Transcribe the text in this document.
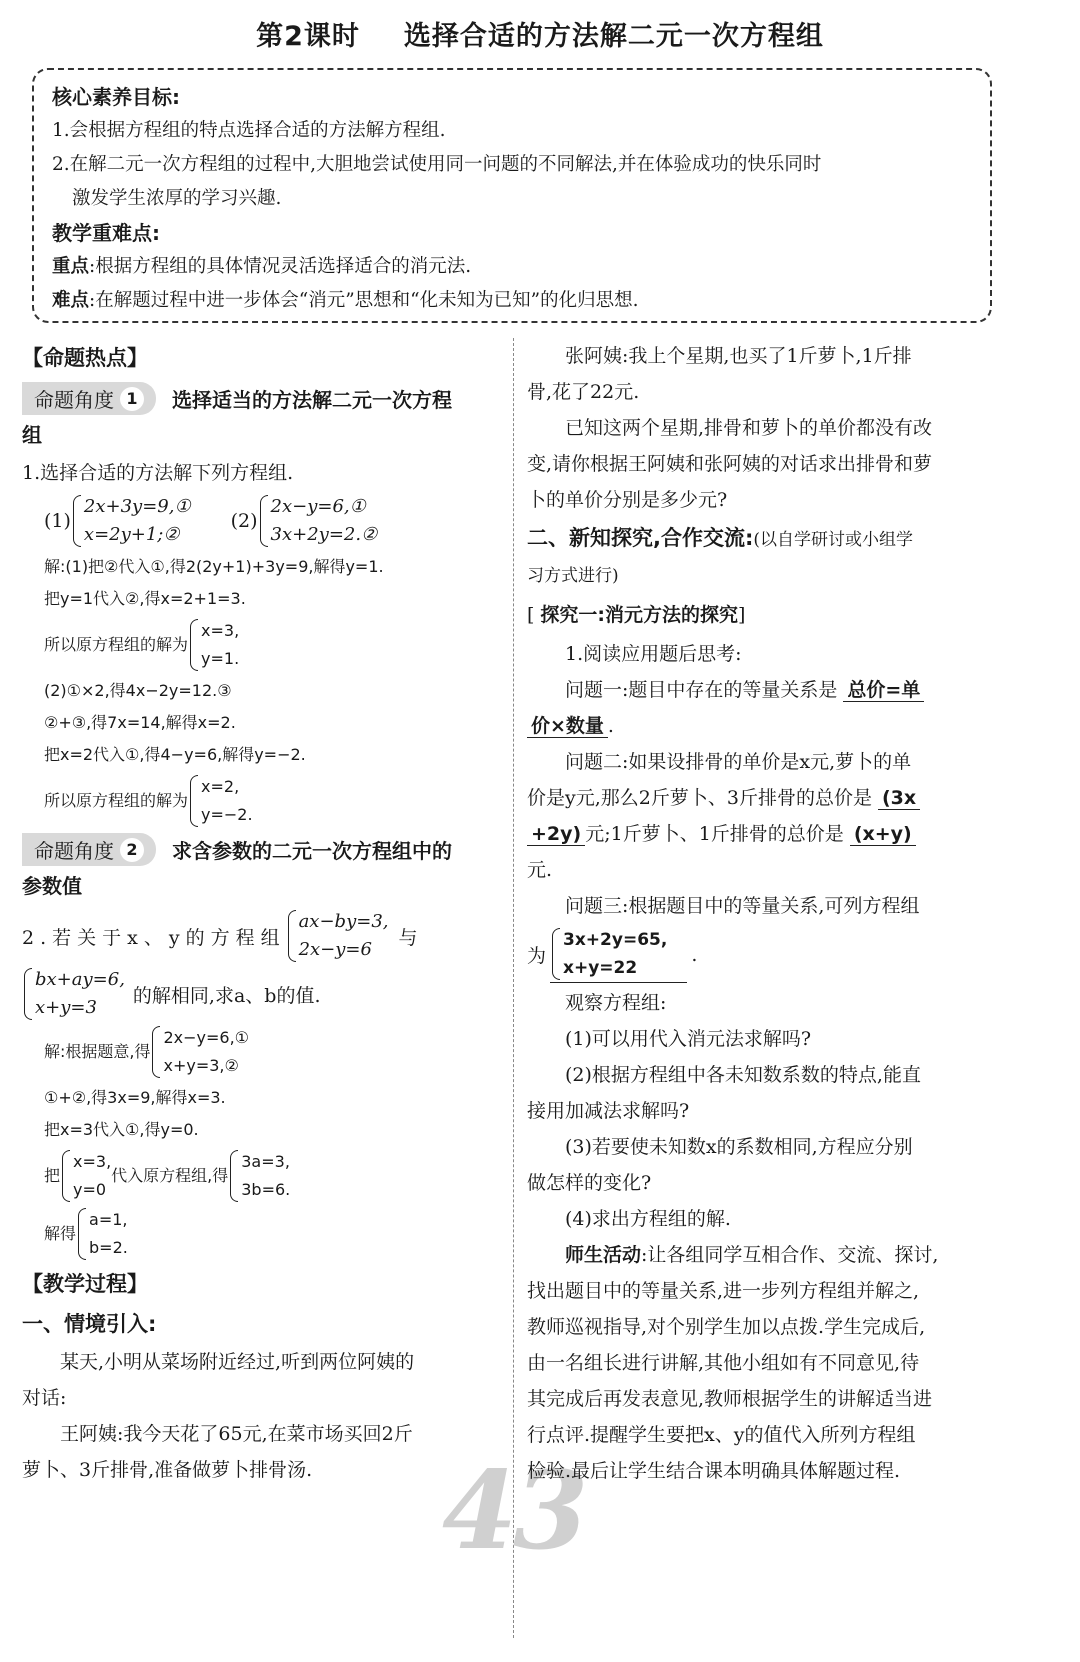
第2课时 选择合适的方法解二元一次方程组

核心素养目标:

1.会根据方程组的特点选择合适的方法解方程组.

2.在解二元一次方程组的过程中,大胆地尝试使用同一问题的不同解法,并在体验成功的快乐同时

激发学生浓厚的学习兴趣.

教学重难点:

重点:根据方程组的具体情况灵活选择适合的消元法.

难点:在解题过程中进一步体会“消元”思想和“化未知为已知”的化归思想.

【命题热点】

命题角度 1	选择适当的方法解二元一次方程

组

1.选择合适的方法解下列方程组.

(1)
2x+3y=9,①
x=2y+1;②
(2)
2x−y=6,①
3x+2y=2.②

解:(1)把②代入①,得2(2y+1)+3y=9,解得y=1.

把y=1代入②,得x=2+1=3.

所以原方程组的解为
x=3,
y=1.

(2)①×2,得4x−2y=12.③

②+③,得7x=14,解得x=2.

把x=2代入①,得4−y=6,解得y=−2.

所以原方程组的解为
x=2,
y=−2.
命题角度 2	求含参数的二元一次方程组中的

参数值

2.若关于x、y的方程组
ax−by=3,
2x−y=6
与
bx+ay=6,
x+y=3
的解相同,求a、b的值.
解:根据题意,得
2x−y=6,①
x+y=3,②

①+②,得3x=9,解得x=3.

把x=3代入①,得y=0.

把
x=3,
y=0
代入原方程组,得
3a=3,
3b=6.
解得
a=1,
b=2.

【教学过程】

一、情境引入:

某天,小明从菜场附近经过,听到两位阿姨的

对话:

王阿姨:我今天花了65元,在菜市场买回2斤

萝卜、3斤排骨,准备做萝卜排骨汤.

张阿姨:我上个星期,也买了1斤萝卜,1斤排

骨,花了22元.

已知这两个星期,排骨和萝卜的单价都没有改

变,请你根据王阿姨和张阿姨的对话求出排骨和萝

卜的单价分别是多少元?

二、新知探究,合作交流:(以自学研讨或小组学

习方式进行)

[ 探究一:消元方法的探究]

1.阅读应用题后思考:

问题一:题目中存在的等量关系是 总价=单

价×数量 .

问题二:如果设排骨的单价是x元,萝卜的单

价是y元,那么2斤萝卜、3斤排骨的总价是 (3x

+2y) 元;1斤萝卜、1斤排骨的总价是 (x+y)

元.

问题三:根据题目中的等量关系,可列方程组

为
3x+2y=65,
x+y=22
.

观察方程组:

(1)可以用代入消元法求解吗?

(2)根据方程组中各未知数系数的特点,能直

接用加减法求解吗?

(3)若要使未知数x的系数相同,方程应分别

做怎样的变化?

(4)求出方程组的解.

师生活动:让各组同学互相合作、交流、探讨,

找出题目中的等量关系,进一步列方程组并解之,

教师巡视指导,对个别学生加以点拨.学生完成后,

由一名组长进行讲解,其他小组如有不同意见,待

其完成后再发表意见,教师根据学生的讲解适当进

行点评.提醒学生要把x、y的值代入所列方程组

检验.最后让学生结合课本明确具体解题过程.

43
